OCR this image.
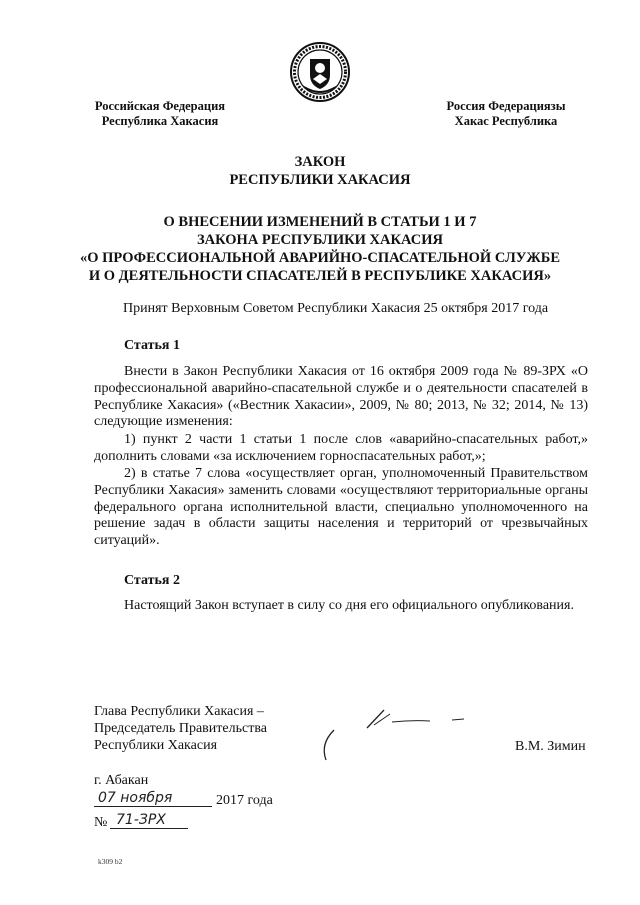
Российская Федерация
Республика Хакасия
Россия Федерациязы
Хакас Республика
ЗАКОН
РЕСПУБЛИКИ ХАКАСИЯ
О ВНЕСЕНИИ ИЗМЕНЕНИЙ В СТАТЬИ 1 И 7
ЗАКОНА РЕСПУБЛИКИ ХАКАСИЯ
«О ПРОФЕССИОНАЛЬНОЙ АВАРИЙНО-СПАСАТЕЛЬНОЙ СЛУЖБЕ
И О ДЕЯТЕЛЬНОСТИ СПАСАТЕЛЕЙ В РЕСПУБЛИКЕ ХАКАСИЯ»
Принят Верховным Советом Республики Хакасия 25 октября 2017 года
Статья 1
Внести в Закон Республики Хакасия от 16 октября 2009 года № 89-ЗРХ «О профессиональной аварийно-спасательной службе и о деятельности спасателей в Республике Хакасия» («Вестник Хакасии», 2009, № 80; 2013, № 32; 2014, № 13) следующие изменения:
1) пункт 2 части 1 статьи 1 после слов «аварийно-спасательных работ,» дополнить словами «за исключением горноспасательных работ,»;
2) в статье 7 слова «осуществляет орган, уполномоченный Правительством Республики Хакасия» заменить словами «осуществляют территориальные органы федерального органа исполнительной власти, специально уполномоченного на решение задач в области защиты населения и территорий от чрезвычайных ситуаций».
Статья 2
Настоящий Закон вступает в силу со дня его официального опубликования.
Глава Республики Хакасия –
Председатель Правительства
Республики Хакасия	В.М. Зимин
г. Абакан
07 ноября	2017 года
№ 71-ЗРХ
k309 b2
